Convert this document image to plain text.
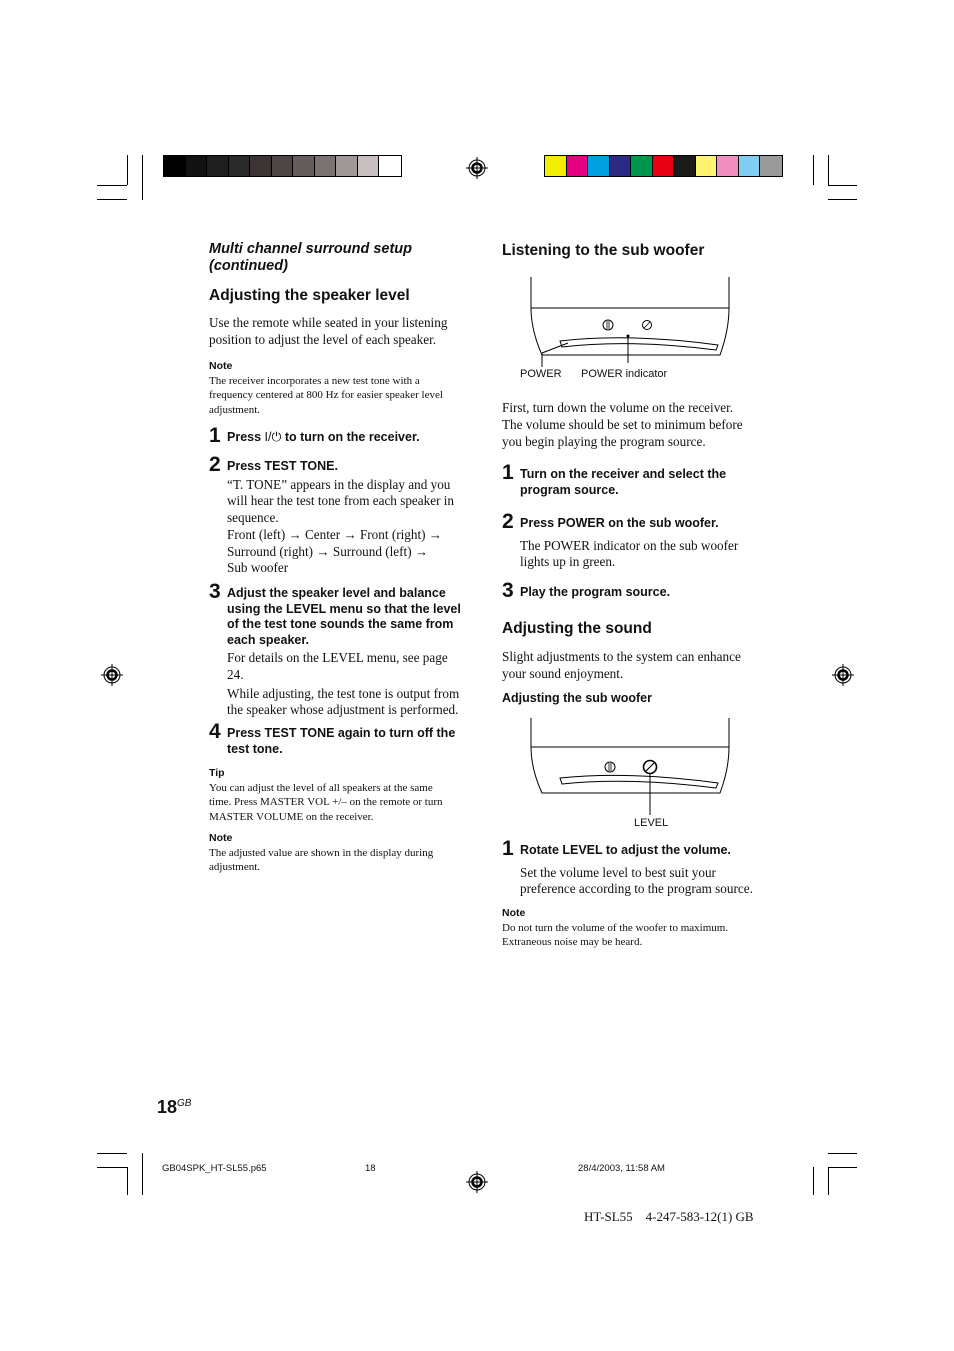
Multi channel surround setup
(continued)
Adjusting the speaker level
Use the remote while seated in your listening
position to adjust the level of each speaker.
Note
The receiver incorporates a new test tone with a
frequency centered at 800 Hz for easier speaker level
adjustment.
1 Press I/⏻ to turn on the receiver.
2 Press TEST TONE.
“T. TONE” appears in the display and you
will hear the test tone from each speaker in
sequence.
Front (left) → Center → Front (right) →
Surround (right) → Surround (left) →
Sub woofer
3 Adjust the speaker level and balance
using the LEVEL menu so that the level
of the test tone sounds the same from
each speaker.
For details on the LEVEL menu, see page
24.
While adjusting, the test tone is output from
the speaker whose adjustment is performed.
4 Press TEST TONE again to turn off the
test tone.
Tip
You can adjust the level of all speakers at the same
time. Press MASTER VOL +/– on the remote or turn
MASTER VOLUME on the receiver.
Note
The adjusted value are shown in the display during
adjustment.
Listening to the sub woofer
POWER POWER indicator
First, turn down the volume on the receiver.
The volume should be set to minimum before
you begin playing the program source.
1 Turn on the receiver and select the
program source.
2 Press POWER on the sub woofer.
The POWER indicator on the sub woofer
lights up in green.
3 Play the program source.
Adjusting the sound
Slight adjustments to the system can enhance
your sound enjoyment.
Adjusting the sub woofer
LEVEL
1 Rotate LEVEL to adjust the volume.
Set the volume level to best suit your
preference according to the program source.
Note
Do not turn the volume of the woofer to maximum.
Extraneous noise may be heard.
$18^{GB}$
GB04SPK_HT-SL55.p65	18	28/4/2003, 11:58 AM
HT-SL55    4-247-583-12(1) GB
